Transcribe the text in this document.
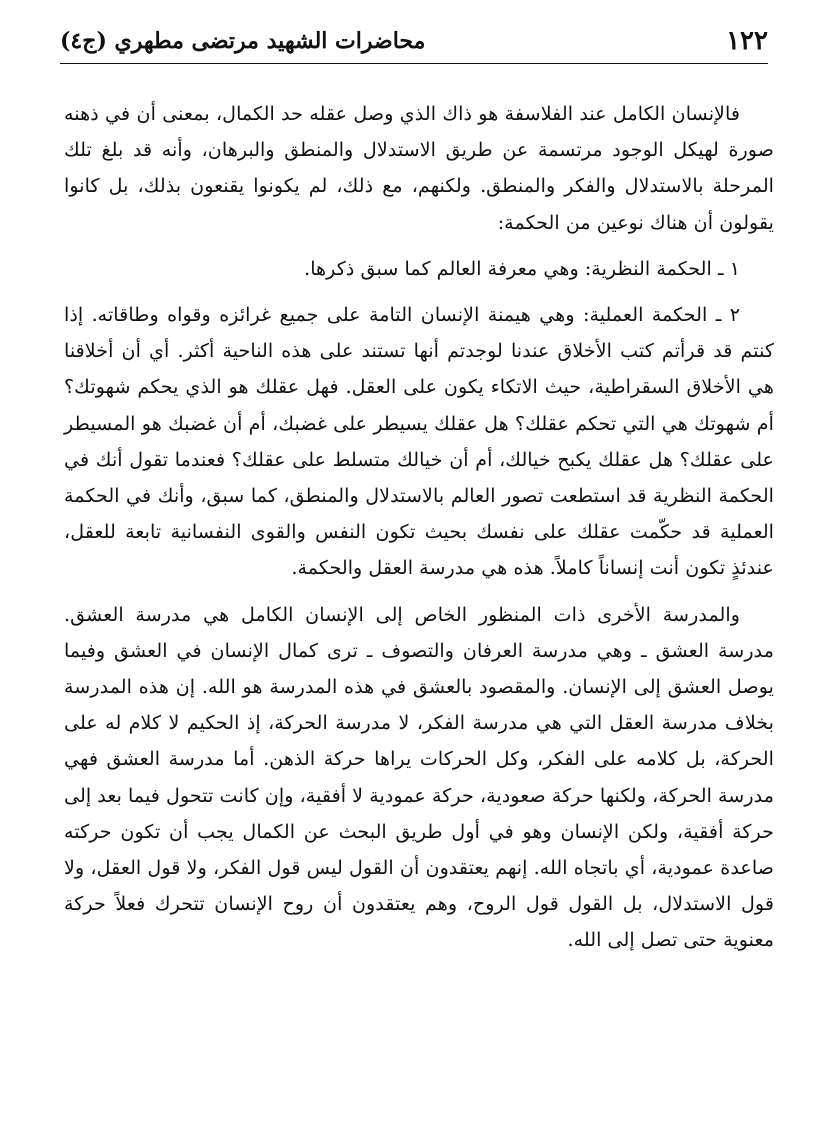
١٢٢
محاضرات الشهيد مرتضى مطهري (ج٤)

فالإنسان الكامل عند الفلاسفة هو ذاك الذي وصل عقله حد الكمال، بمعنى أن في ذهنه صورة لهيكل الوجود مرتسمة عن طريق الاستدلال والمنطق والبرهان، وأنه قد بلغ تلك المرحلة بالاستدلال والفكر والمنطق. ولكنهم، مع ذلك، لم يكونوا يقنعون بذلك، بل كانوا يقولون أن هناك نوعين من الحكمة:

١ ـ الحكمة النظرية: وهي معرفة العالم كما سبق ذكرها.

٢ ـ الحكمة العملية: وهي هيمنة الإنسان التامة على جميع غرائزه وقواه وطاقاته. إذا كنتم قد قرأتم كتب الأخلاق عندنا لوجدتم أنها تستند على هذه الناحية أكثر. أي أن أخلاقنا هي الأخلاق السقراطية، حيث الاتكاء يكون على العقل. فهل عقلك هو الذي يحكم شهوتك؟ أم شهوتك هي التي تحكم عقلك؟ هل عقلك يسيطر على غضبك، أم أن غضبك هو المسيطر على عقلك؟ هل عقلك يكبح خيالك، أم أن خيالك متسلط على عقلك؟ فعندما تقول أنك في الحكمة النظرية قد استطعت تصور العالم بالاستدلال والمنطق، كما سبق، وأنك في الحكمة العملية قد حكّمت عقلك على نفسك بحيث تكون النفس والقوى النفسانية تابعة للعقل، عندئذٍ تكون أنت إنساناً كاملاً. هذه هي مدرسة العقل والحكمة.

والمدرسة الأخرى ذات المنظور الخاص إلى الإنسان الكامل هي مدرسة العشق. مدرسة العشق ـ وهي مدرسة العرفان والتصوف ـ ترى كمال الإنسان في العشق وفيما يوصل العشق إلى الإنسان. والمقصود بالعشق في هذه المدرسة هو الله. إن هذه المدرسة بخلاف مدرسة العقل التي هي مدرسة الفكر، لا مدرسة الحركة، إذ الحكيم لا كلام له على الحركة، بل كلامه على الفكر، وكل الحركات يراها حركة الذهن. أما مدرسة العشق فهي مدرسة الحركة، ولكنها حركة صعودية، حركة عمودية لا أفقية، وإن كانت تتحول فيما بعد إلى حركة أفقية، ولكن الإنسان وهو في أول طريق البحث عن الكمال يجب أن تكون حركته صاعدة عمودية، أي باتجاه الله. إنهم يعتقدون أن القول ليس قول الفكر، ولا قول العقل، ولا قول الاستدلال، بل القول قول الروح، وهم يعتقدون أن روح الإنسان تتحرك فعلاً حركة معنوية حتى تصل إلى الله.
